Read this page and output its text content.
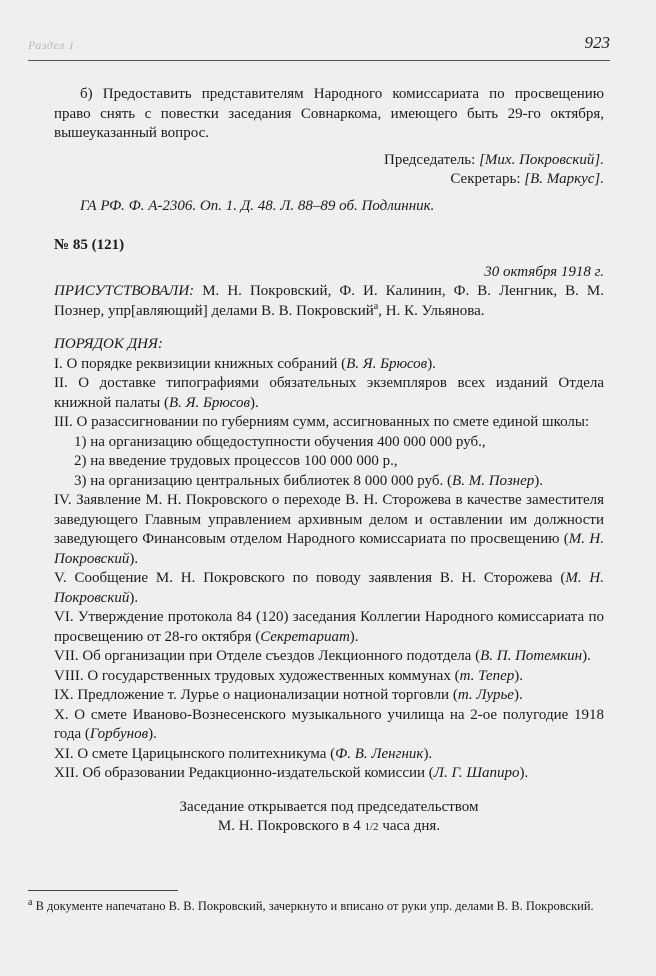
Раздел 1	923

б) Предоставить представителям Народного комиссариата по просвещению право снять с повестки заседания Совнаркома, имеющего быть 29-го октября, вышеуказанный вопрос.

Председатель: [Мих. Покровский].

Секретарь: [В. Маркус].

ГА РФ. Ф. А-2306. Оп. 1. Д. 48. Л. 88–89 об. Подлинник.

№ 85 (121)

30 октября 1918 г.

ПРИСУТСТВОВАЛИ: М. Н. Покровский, Ф. И. Калинин, Ф. В. Ленгник, В. М. Познер, упр[авляющий] делами В. В. Покровский$^а$, Н. К. Ульянова.

ПОРЯДОК ДНЯ:

I. О порядке реквизиции книжных собраний (В. Я. Брюсов).

II. О доставке типографиями обязательных экземпляров всех изданий Отдела книжной палаты (В. Я. Брюсов).

III. О разассигновании по губерниям сумм, ассигнованных по смете единой школы:

1) на организацию общедоступности обучения 400 000 000 руб.,

2) на введение трудовых процессов 100 000 000 р.,

3) на организацию центральных библиотек 8 000 000 руб. (В. М. Познер).

IV. Заявление М. Н. Покровского о переходе В. Н. Сторожева в качестве заместителя заведующего Главным управлением архивным делом и оставлении им должности заведующего Финансовым отделом Народного комиссариата по просвещению (М. Н. Покровский).

V. Сообщение М. Н. Покровского по поводу заявления В. Н. Сторожева (М. Н. Покровский).

VI. Утверждение протокола 84 (120) заседания Коллегии Народного комиссариата по просвещению от 28-го октября (Секретариат).

VII. Об организации при Отделе съездов Лекционного подотдела (В. П. Потемкин).

VIII. О государственных трудовых художественных коммунах (т. Тепер).

IX. Предложение т. Лурье о национализации нотной торговли (т. Лурье).

X. О смете Иваново-Вознесенского музыкального училища на 2-ое полугодие 1918 года (Горбунов).

XI. О смете Царицынского политехникума (Ф. В. Ленгник).

XII. Об образовании Редакционно-издательской комиссии (Л. Г. Шапиро).

Заседание открывается под председательством

М. Н. Покровского в 4 1/2 часа дня.

$^а$ В документе напечатано В. В. Покровский, зачеркнуто и вписано от руки упр. делами В. В. Покровский.
